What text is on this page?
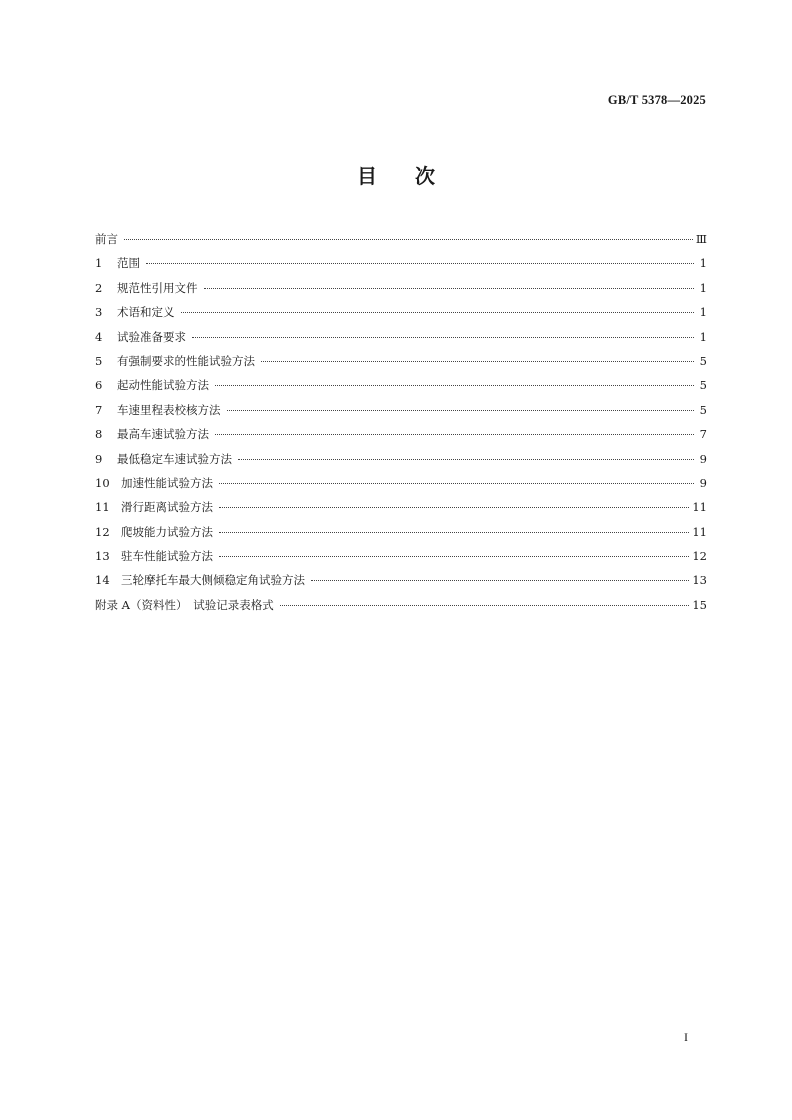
GB/T 5378—2025
目 次
前言	Ⅲ
1 范围	1
2 规范性引用文件	1
3 术语和定义	1
4 试验准备要求	1
5 有强制要求的性能试验方法	5
6 起动性能试验方法	5
7 车速里程表校核方法	5
8 最高车速试验方法	7
9 最低稳定车速试验方法	9
10 加速性能试验方法	9
11 滑行距离试验方法	11
12 爬坡能力试验方法	11
13 驻车性能试验方法	12
14 三轮摩托车最大侧倾稳定角试验方法	13
附录 A（资料性）　试验记录表格式	15
I
